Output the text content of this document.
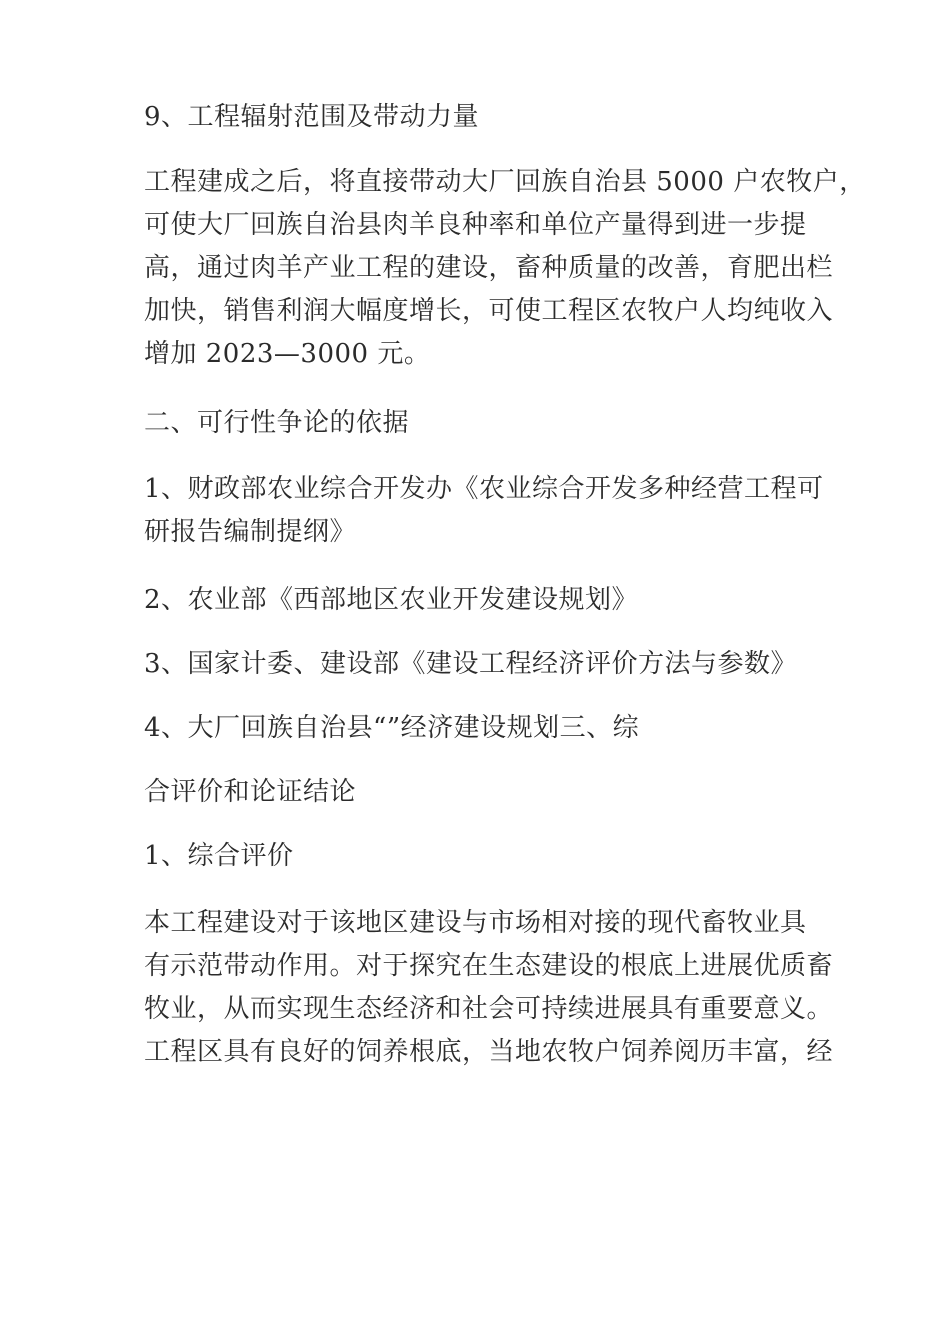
9、工程辐射范围及带动力量
工程建成之后，将直接带动大厂回族自治县 5000 户农牧户，
可使大厂回族自治县肉羊良种率和单位产量得到进一步提
高，通过肉羊产业工程的建设，畜种质量的改善，育肥出栏
加快，销售利润大幅度增长，可使工程区农牧户人均纯收入
增加 2023—3000 元。
二、可行性争论的依据
1、财政部农业综合开发办《农业综合开发多种经营工程可
研报告编制提纲》
2、农业部《西部地区农业开发建设规划》
3、国家计委、建设部《建设工程经济评价方法与参数》
4、大厂回族自治县“”经济建设规划三、综
合评价和论证结论
1、综合评价
本工程建设对于该地区建设与市场相对接的现代畜牧业具
有示范带动作用。对于探究在生态建设的根底上进展优质畜
牧业，从而实现生态经济和社会可持续进展具有重要意义。
工程区具有良好的饲养根底，当地农牧户饲养阅历丰富，经
